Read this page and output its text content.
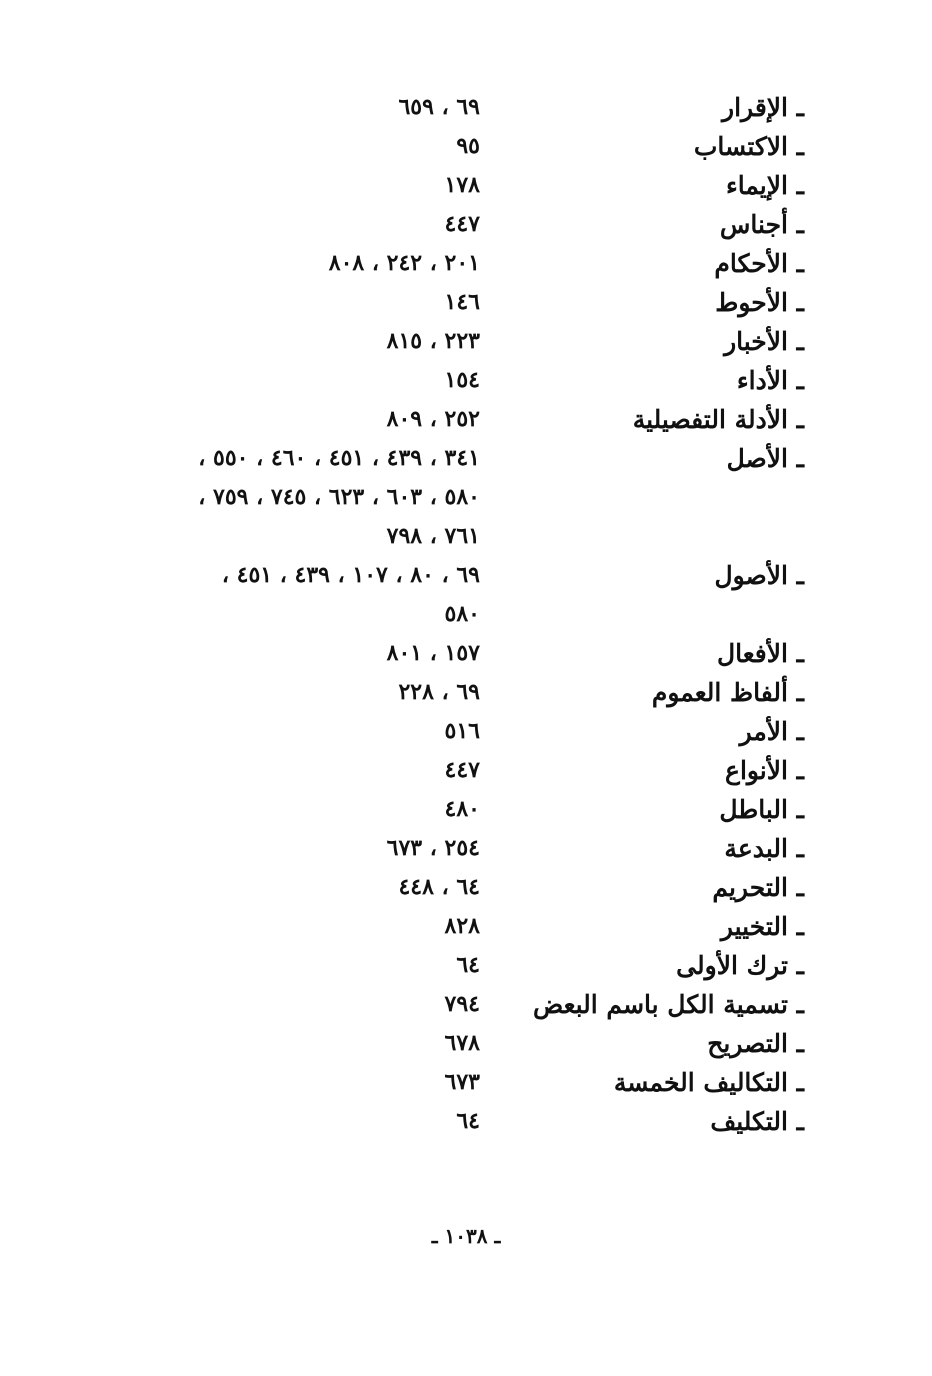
ـ الإقرار
٦٩ ، ٦٥٩
ـ الاكتساب
٩٥
ـ الإيماء
١٧٨
ـ أجناس
٤٤٧
ـ الأحكام
٢٠١ ، ٢٤٢ ، ٨٠٨
ـ الأحوط
١٤٦
ـ الأخبار
٢٢٣ ، ٨١٥
ـ الأداء
١٥٤
ـ الأدلة التفصيلية
٢٥٢ ، ٨٠٩
ـ الأصل
٣٤١ ، ٤٣٩ ، ٤٥١ ، ٤٦٠ ، ٥٥٠ ،
٥٨٠ ، ٦٠٣ ، ٦٢٣ ، ٧٤٥ ، ٧٥٩ ،
٧٦١ ، ٧٩٨
ـ الأصول
٦٩ ، ٨٠ ، ١٠٧ ، ٤٣٩ ، ٤٥١ ،
٥٨٠
ـ الأفعال
١٥٧ ، ٨٠١
ـ ألفاظ العموم
٦٩ ، ٢٢٨
ـ الأمر
٥١٦
ـ الأنواع
٤٤٧
ـ الباطل
٤٨٠
ـ البدعة
٢٥٤ ، ٦٧٣
ـ التحريم
٦٤ ، ٤٤٨
ـ التخيير
٨٢٨
ـ ترك الأولى
٦٤
ـ تسمية الكل باسم البعض
٧٩٤
ـ التصريح
٦٧٨
ـ التكاليف الخمسة
٦٧٣
ـ التكليف
٦٤
ـ ١٠٣٨ ـ
